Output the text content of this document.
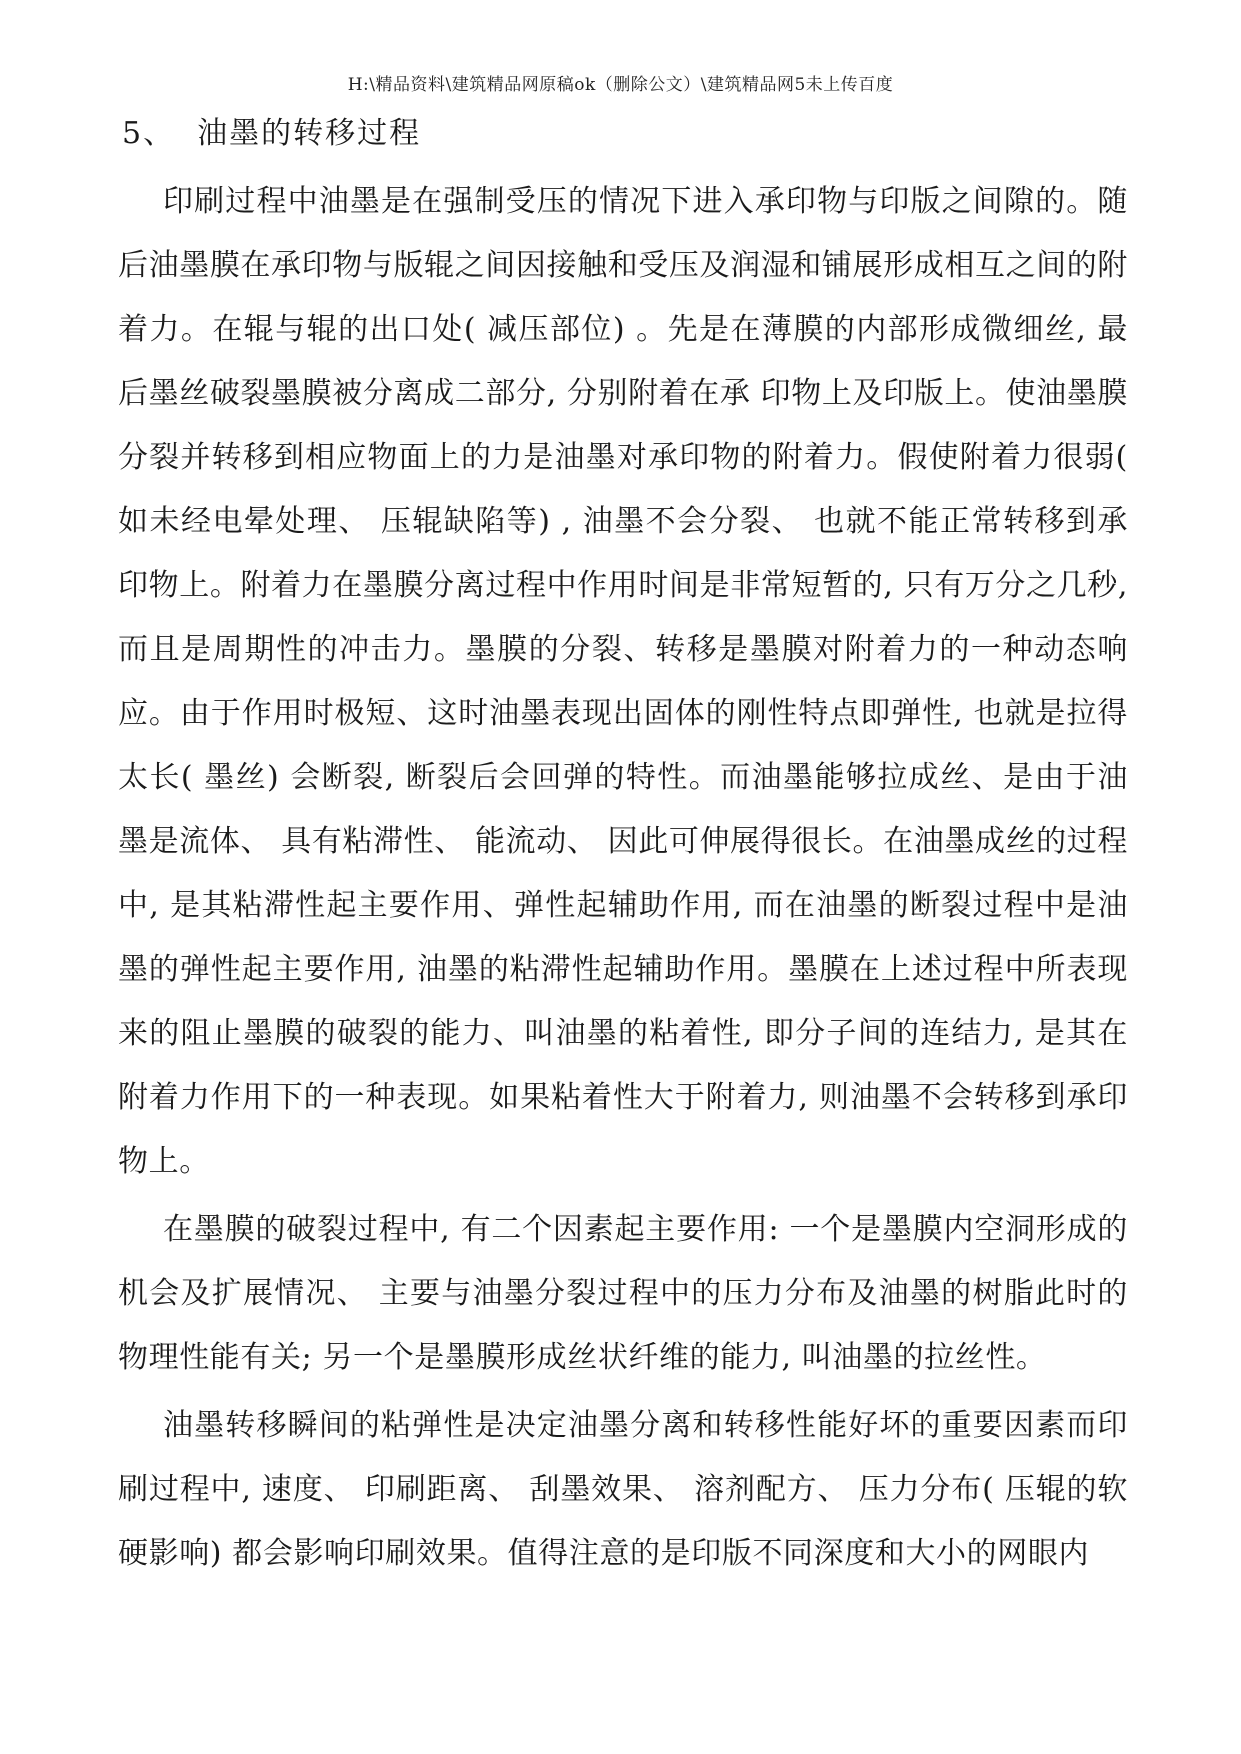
H:\精品资料\建筑精品网原稿ok（删除公文）\建筑精品网5未上传百度
5、 油墨的转移过程

印刷过程中油墨是在强制受压的情况下进入承印物与印版之间隙的。随后油墨膜在承印物与版辊之间因接触和受压及润湿和铺展形成相互之间的附着力。在辊与辊的出口处( 减压部位) 。先是在薄膜的内部形成微细丝, 最后墨丝破裂墨膜被分离成二部分, 分别附着在承 印物上及印版上。使油墨膜分裂并转移到相应物面上的力是油墨对承印物的附着力。假使附着力很弱( 如未经电晕处理、 压辊缺陷等) , 油墨不会分裂、 也就不能正常转移到承印物上。附着力在墨膜分离过程中作用时间是非常短暂的, 只有万分之几秒, 而且是周期性的冲击力。墨膜的分裂、转移是墨膜对附着力的一种动态响应。由于作用时极短、这时油墨表现出固体的刚性特点即弹性, 也就是拉得太长( 墨丝) 会断裂, 断裂后会回弹的特性。而油墨能够拉成丝、是由于油墨是流体、 具有粘滞性、 能流动、 因此可伸展得很长。在油墨成丝的过程中, 是其粘滞性起主要作用、弹性起辅助作用, 而在油墨的断裂过程中是油墨的弹性起主要作用, 油墨的粘滞性起辅助作用。墨膜在上述过程中所表现来的阻止墨膜的破裂的能力、叫油墨的粘着性, 即分子间的连结力, 是其在附着力作用下的一种表现。如果粘着性大于附着力, 则油墨不会转移到承印物上。

在墨膜的破裂过程中, 有二个因素起主要作用: 一个是墨膜内空洞形成的机会及扩展情况、 主要与油墨分裂过程中的压力分布及油墨的树脂此时的物理性能有关; 另一个是墨膜形成丝状纤维的能力, 叫油墨的拉丝性。

油墨转移瞬间的粘弹性是决定油墨分离和转移性能好坏的重要因素而印刷过程中, 速度、 印刷距离、 刮墨效果、 溶剂配方、 压力分布( 压辊的软硬影响) 都会影响印刷效果。值得注意的是印版不同深度和大小的网眼内
